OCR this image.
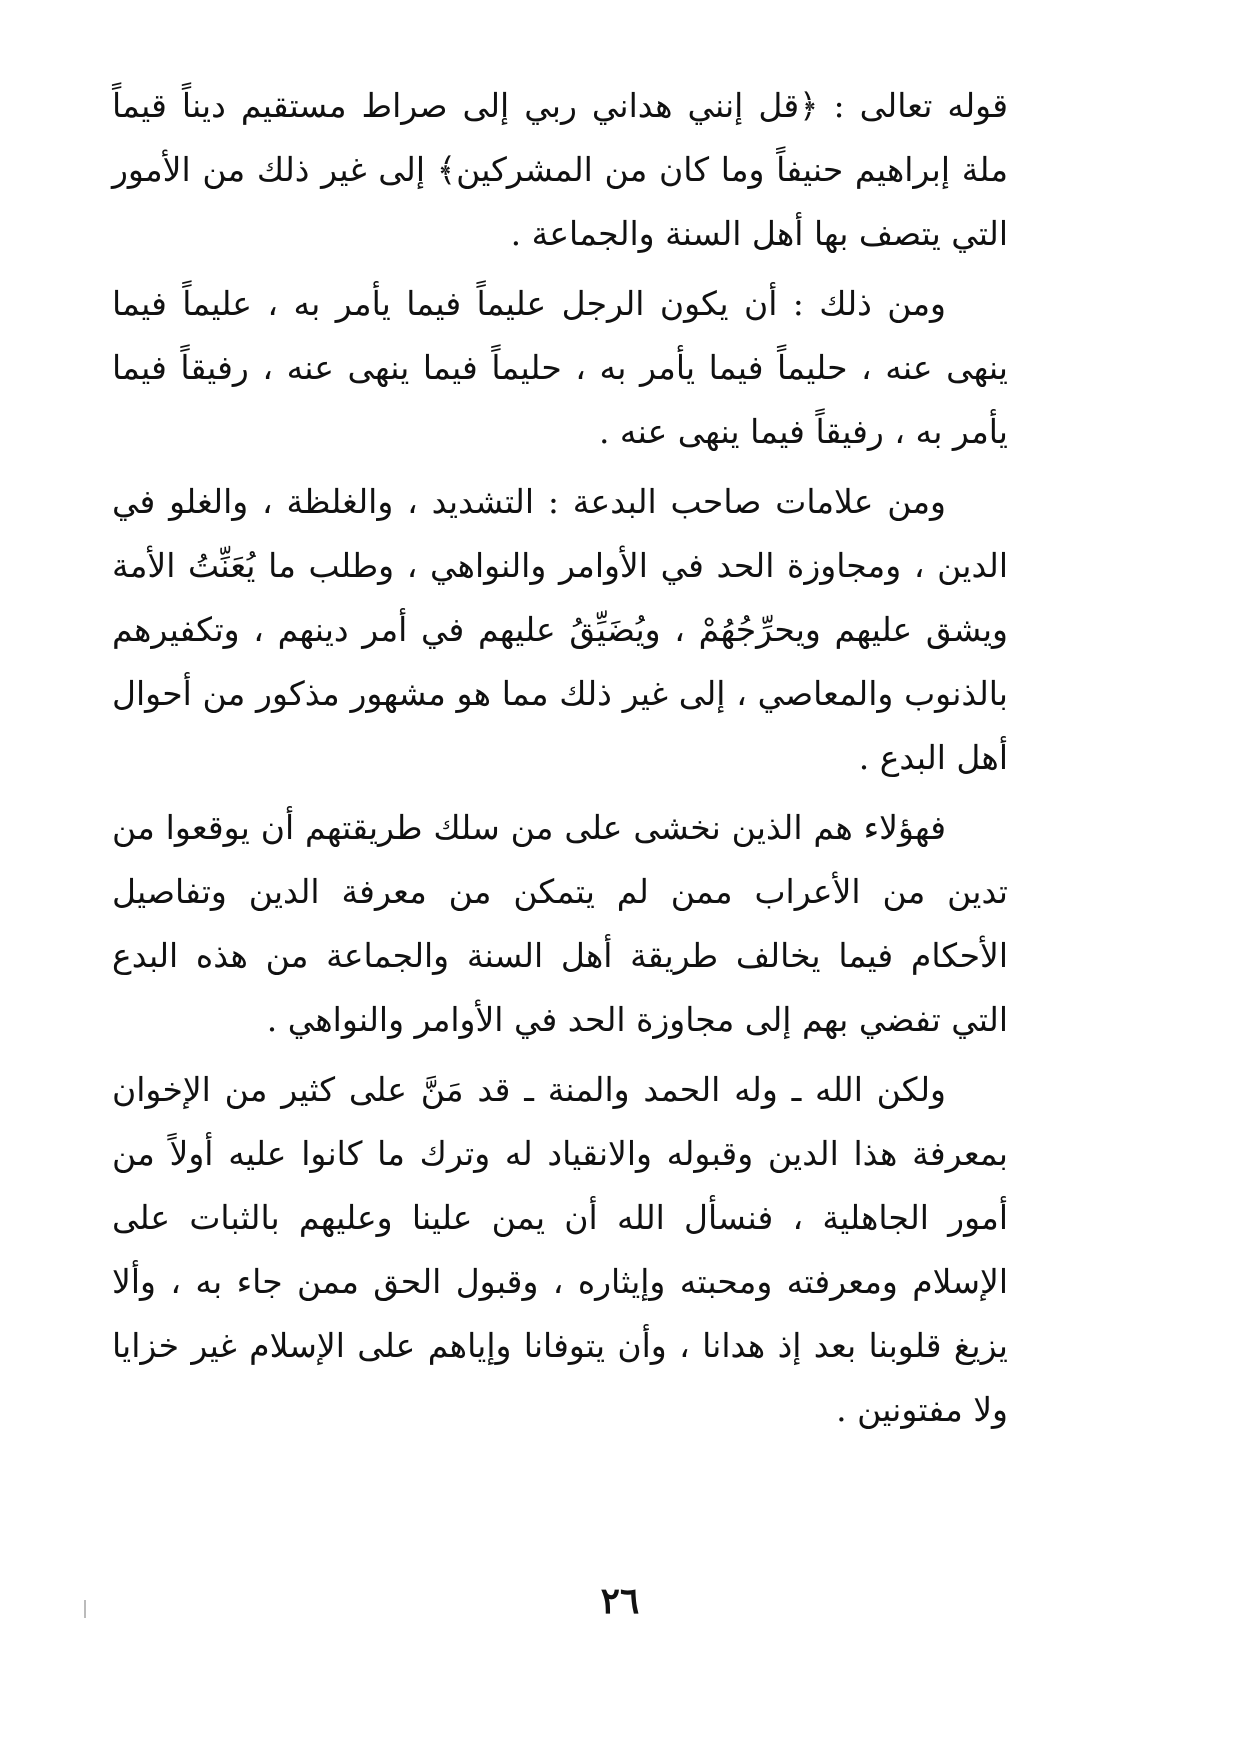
قوله تعالى : ﴿قل إنني هداني ربي إلى صراط مستقيم ديناً قيماً ملة إبراهيم حنيفاً وما كان من المشركين﴾ إلى غير ذلك من الأمور التي يتصف بها أهل السنة والجماعة .

ومن ذلك : أن يكون الرجل عليماً فيما يأمر به ، عليماً فيما ينهى عنه ، حليماً فيما يأمر به ، حليماً فيما ينهى عنه ، رفيقاً فيما يأمر به ، رفيقاً فيما ينهى عنه .

ومن علامات صاحب البدعة : التشديد ، والغلظة ، والغلو في الدين ، ومجاوزة الحد في الأوامر والنواهي ، وطلب ما يُعَنِّتُ الأمة ويشق عليهم ويحرِّجُهُمْ ، ويُضَيِّقُ عليهم في أمر دينهم ، وتكفيرهم بالذنوب والمعاصي ، إلى غير ذلك مما هو مشهور مذكور من أحوال أهل البدع .

فهؤلاء هم الذين نخشى على من سلك طريقتهم أن يوقعوا من تدين من الأعراب ممن لم يتمكن من معرفة الدين وتفاصيل الأحكام فيما يخالف طريقة أهل السنة والجماعة من هذه البدع التي تفضي بهم إلى مجاوزة الحد في الأوامر والنواهي .

ولكن الله ـ وله الحمد والمنة ـ قد مَنَّ على كثير من الإخوان بمعرفة هذا الدين وقبوله والانقياد له وترك ما كانوا عليه أولاً من أمور الجاهلية ، فنسأل الله أن يمن علينا وعليهم بالثبات على الإسلام ومعرفته ومحبته وإيثاره ، وقبول الحق ممن جاء به ، وألا يزيغ قلوبنا بعد إذ هدانا ، وأن يتوفانا وإياهم على الإسلام غير خزايا ولا مفتونين .

٢٦
